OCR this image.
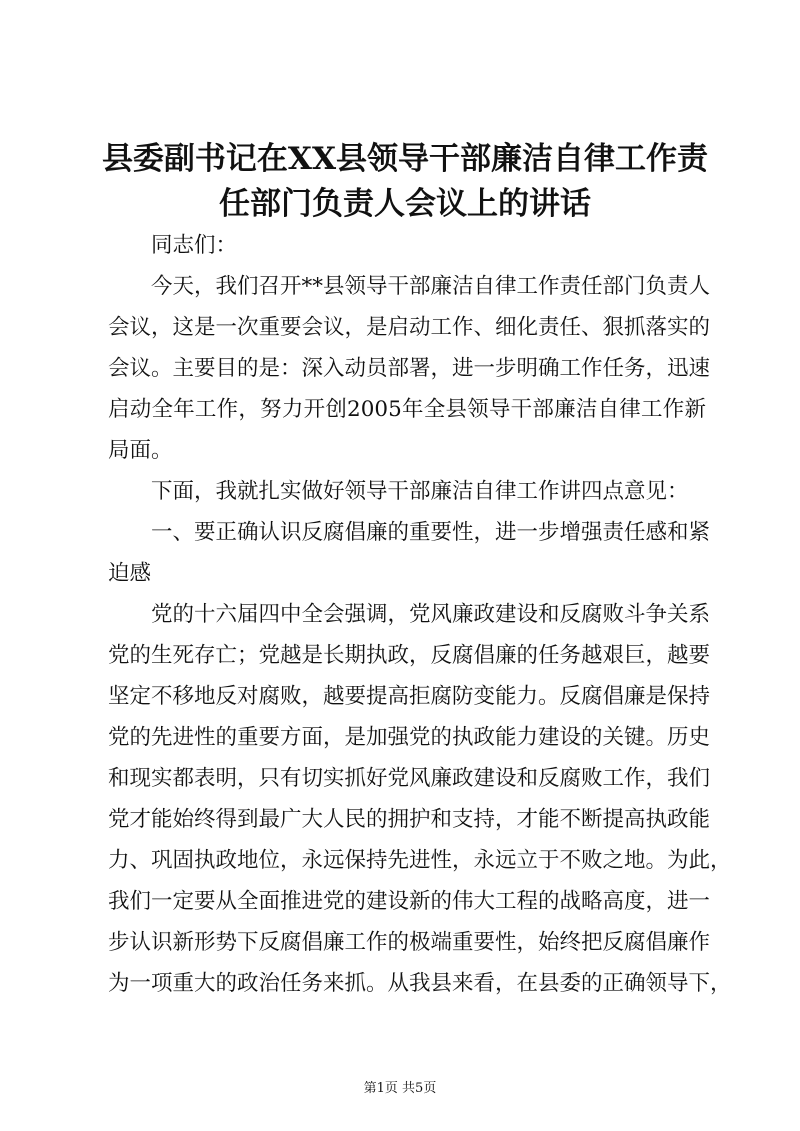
县委副书记在XX县领导干部廉洁自律工作责
任部门负责人会议上的讲话
同志们：
今天，我们召开**县领导干部廉洁自律工作责任部门负责人
会议，这是一次重要会议，是启动工作、细化责任、狠抓落实的
会议。主要目的是：深入动员部署，进一步明确工作任务，迅速
启动全年工作，努力开创2005年全县领导干部廉洁自律工作新
局面。
下面，我就扎实做好领导干部廉洁自律工作讲四点意见：
一、要正确认识反腐倡廉的重要性，进一步增强责任感和紧
迫感
党的十六届四中全会强调，党风廉政建设和反腐败斗争关系
党的生死存亡；党越是长期执政，反腐倡廉的任务越艰巨，越要
坚定不移地反对腐败，越要提高拒腐防变能力。反腐倡廉是保持
党的先进性的重要方面，是加强党的执政能力建设的关键。历史
和现实都表明，只有切实抓好党风廉政建设和反腐败工作，我们
党才能始终得到最广大人民的拥护和支持，才能不断提高执政能
力、巩固执政地位，永远保持先进性，永远立于不败之地。为此，
我们一定要从全面推进党的建设新的伟大工程的战略高度，进一
步认识新形势下反腐倡廉工作的极端重要性，始终把反腐倡廉作
为一项重大的政治任务来抓。从我县来看，在县委的正确领导下，
第1页 共5页
